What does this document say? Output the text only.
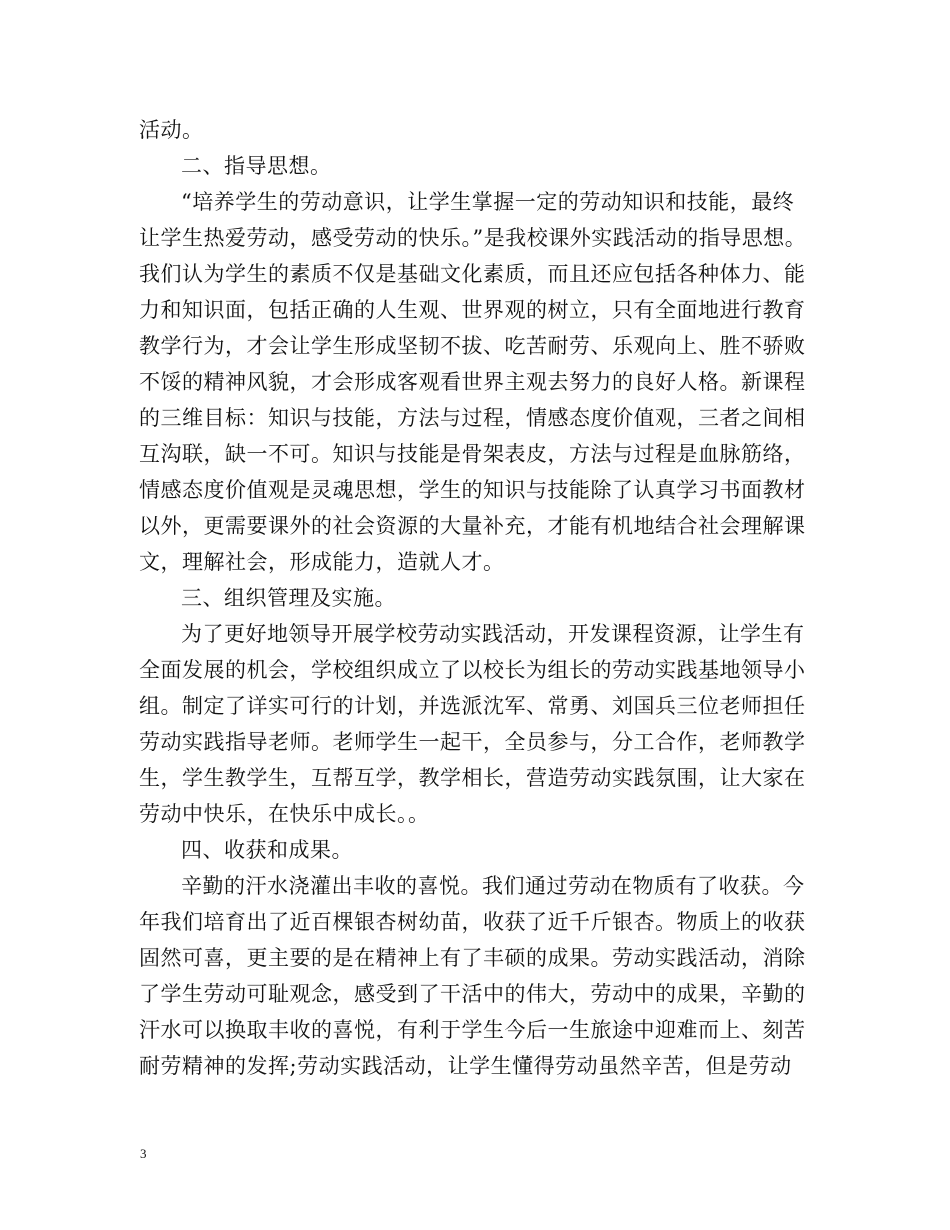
活动。
二、指导思想。
“培养学生的劳动意识，让学生掌握一定的劳动知识和技能，最终
让学生热爱劳动，感受劳动的快乐。”是我校课外实践活动的指导思想。
我们认为学生的素质不仅是基础文化素质，而且还应包括各种体力、能
力和知识面，包括正确的人生观、世界观的树立，只有全面地进行教育
教学行为，才会让学生形成坚韧不拔、吃苦耐劳、乐观向上、胜不骄败
不馁的精神风貌，才会形成客观看世界主观去努力的良好人格。新课程
的三维目标：知识与技能，方法与过程，情感态度价值观，三者之间相
互沟联，缺一不可。知识与技能是骨架表皮，方法与过程是血脉筋络，
情感态度价值观是灵魂思想，学生的知识与技能除了认真学习书面教材
以外，更需要课外的社会资源的大量补充，才能有机地结合社会理解课
文，理解社会，形成能力，造就人才。
三、组织管理及实施。
为了更好地领导开展学校劳动实践活动，开发课程资源，让学生有
全面发展的机会，学校组织成立了以校长为组长的劳动实践基地领导小
组。制定了详实可行的计划，并选派沈军、常勇、刘国兵三位老师担任
劳动实践指导老师。老师学生一起干，全员参与，分工合作，老师教学
生，学生教学生，互帮互学，教学相长，营造劳动实践氛围，让大家在
劳动中快乐，在快乐中成长。。
四、收获和成果。
辛勤的汗水浇灌出丰收的喜悦。我们通过劳动在物质有了收获。今
年我们培育出了近百棵银杏树幼苗，收获了近千斤银杏。物质上的收获
固然可喜，更主要的是在精神上有了丰硕的成果。劳动实践活动，消除
了学生劳动可耻观念，感受到了干活中的伟大，劳动中的成果，辛勤的
汗水可以换取丰收的喜悦，有利于学生今后一生旅途中迎难而上、刻苦
耐劳精神的发挥;劳动实践活动，让学生懂得劳动虽然辛苦，但是劳动
3
